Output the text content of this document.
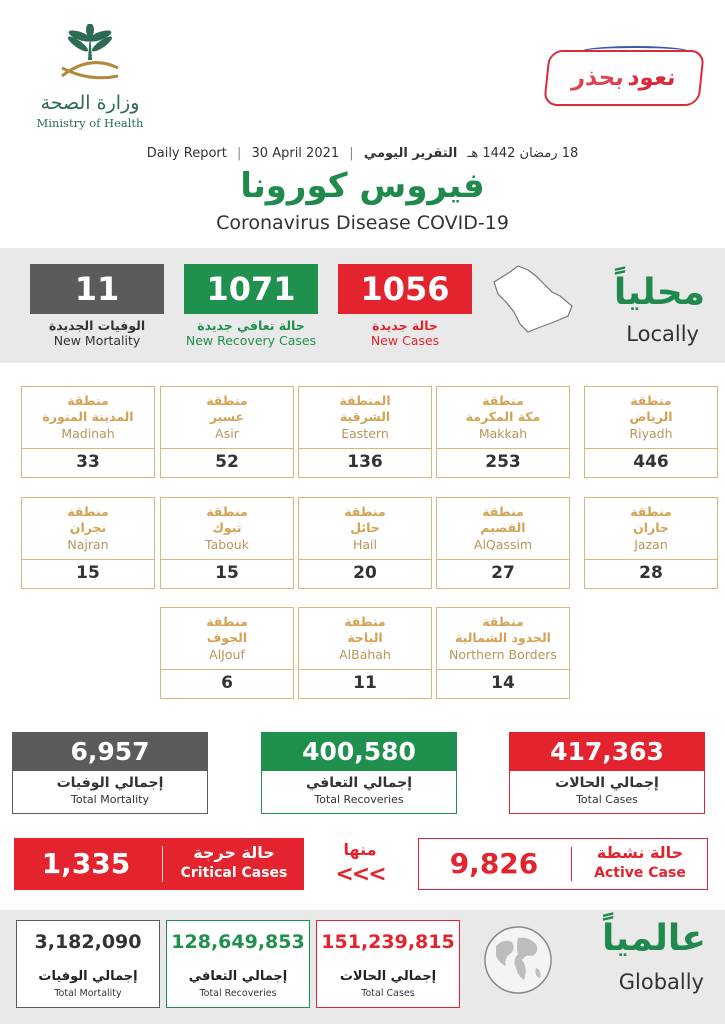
وزارة الصحة
Ministry of Health
نعود
بحذر
Daily Report | 30 April 2021 |	18 رمضان 1442 هـ التقرير اليومي
فيروس كورونا
Coronavirus Disease COVID-19
11
الوفيات الجديدة
New Mortality
1071
حالة تعافي جديدة
New Recovery Cases
1056
حالة جديدة
New Cases
محلياً
Locally
منطقة
الرياض
Riyadh
446
منطقة
مكة المكرمة
Makkah
253
المنطقة
الشرقية
Eastern
136
منطقة
عسير
Asir
52
منطقة
المدينة المنورة
Madinah
33
منطقة
جازان
Jazan
28
منطقة
القصيم
AlQassim
27
منطقة
حائل
Hail
20
منطقة
تبوك
Tabouk
15
منطقة
نجران
Najran
15
منطقة
الحدود الشمالية
Northern Borders
14
منطقة
الباحة
AlBahah
11
منطقة
الجوف
AlJouf
6
6,957
إجمالي الوفيات
Total Mortality
400,580
إجمالي التعافي
Total Recoveries
417,363
إجمالي الحالات
Total Cases
1,335	حالة حرجة
Critical Cases
منها
<<<	9,826	حالة نشطة
Active Case
3,182,090
إجمالي الوفيات
Total Mortality
128,649,853
إجمالي التعافي
Total Recoveries
151,239,815
إجمالي الحالات
Total Cases
عالمياً
Globally
